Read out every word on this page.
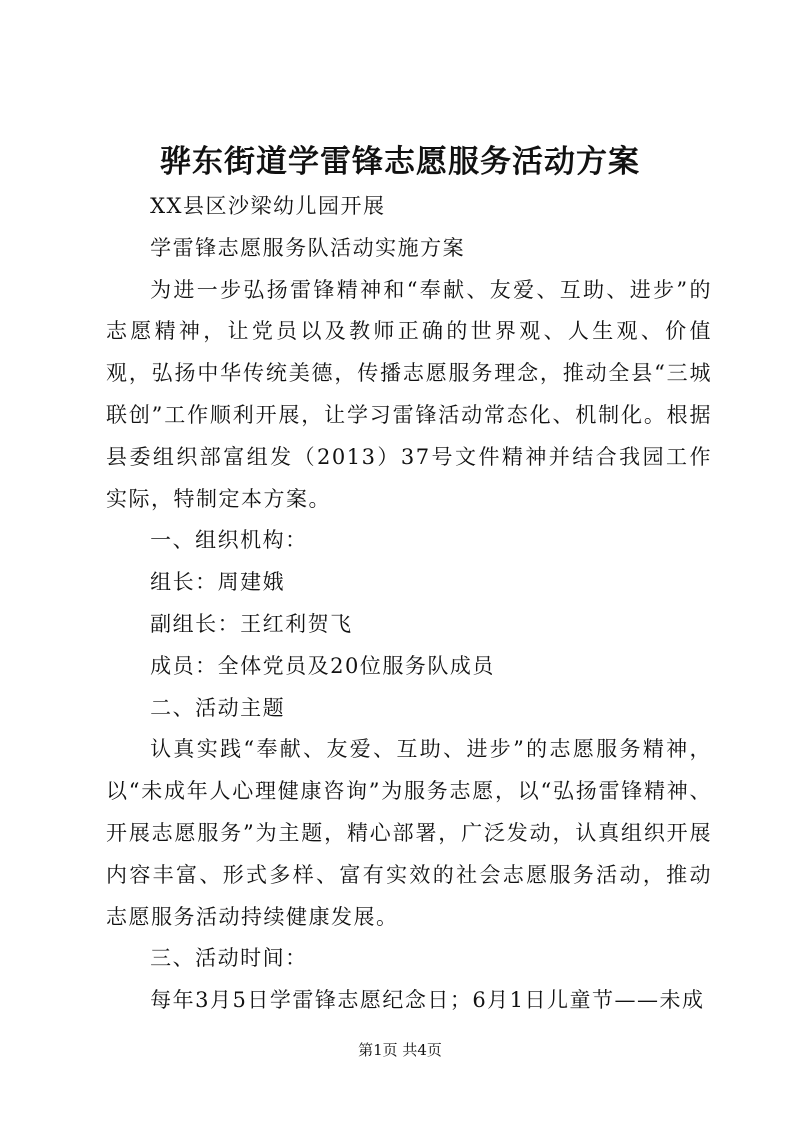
骅东街道学雷锋志愿服务活动方案

XX县区沙梁幼儿园开展

学雷锋志愿服务队活动实施方案

为进一步弘扬雷锋精神和“奉献、友爱、互助、进步”的志愿精神，让党员以及教师正确的世界观、人生观、价值观，弘扬中华传统美德，传播志愿服务理念，推动全县“三城联创”工作顺利开展，让学习雷锋活动常态化、机制化。根据县委组织部富组发（2013）37号文件精神并结合我园工作实际，特制定本方案。

一、组织机构：

组长：周建娥

副组长：王红利贺飞

成员：全体党员及20位服务队成员

二、活动主题

认真实践“奉献、友爱、互助、进步”的志愿服务精神，以“未成年人心理健康咨询”为服务志愿，以“弘扬雷锋精神、开展志愿服务”为主题，精心部署，广泛发动，认真组织开展内容丰富、形式多样、富有实效的社会志愿服务活动，推动志愿服务活动持续健康发展。

三、活动时间：

每年3月5日学雷锋志愿纪念日；6月1日儿童节——未成

第1页 共4页
